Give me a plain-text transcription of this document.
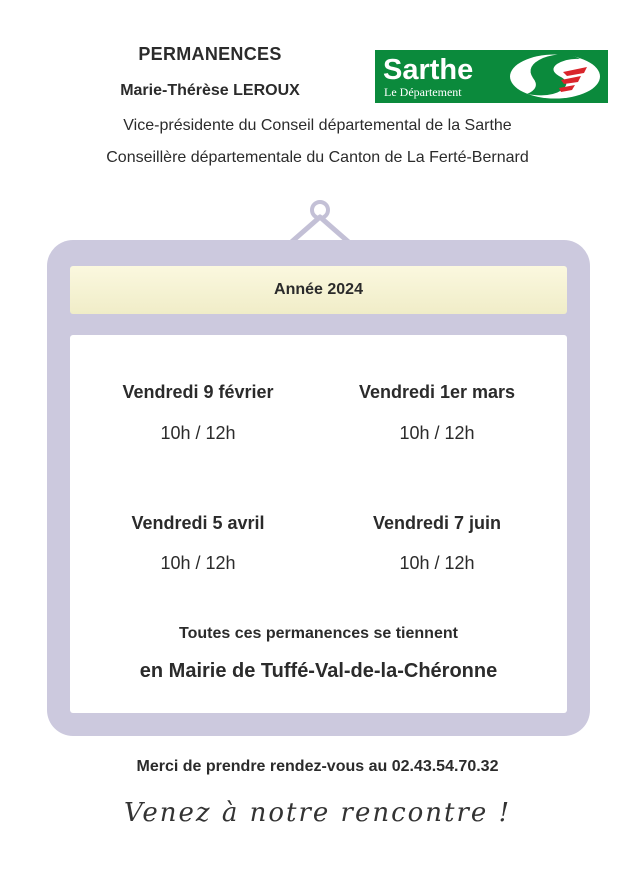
PERMANENCES
Marie-Thérèse LEROUX
Vice-présidente du Conseil départemental de la Sarthe
Conseillère départementale du Canton de La Ferté-Bernard
Sarthe
Le Département
Année 2024
Vendredi 9 février
10h / 12h
Vendredi 1er mars
10h / 12h
Vendredi 5 avril
10h / 12h
Vendredi 7 juin
10h / 12h
Toutes ces permanences se tiennent
en Mairie de Tuffé-Val-de-la-Chéronne
Merci de prendre rendez-vous au 02.43.54.70.32
Venez à notre rencontre !
